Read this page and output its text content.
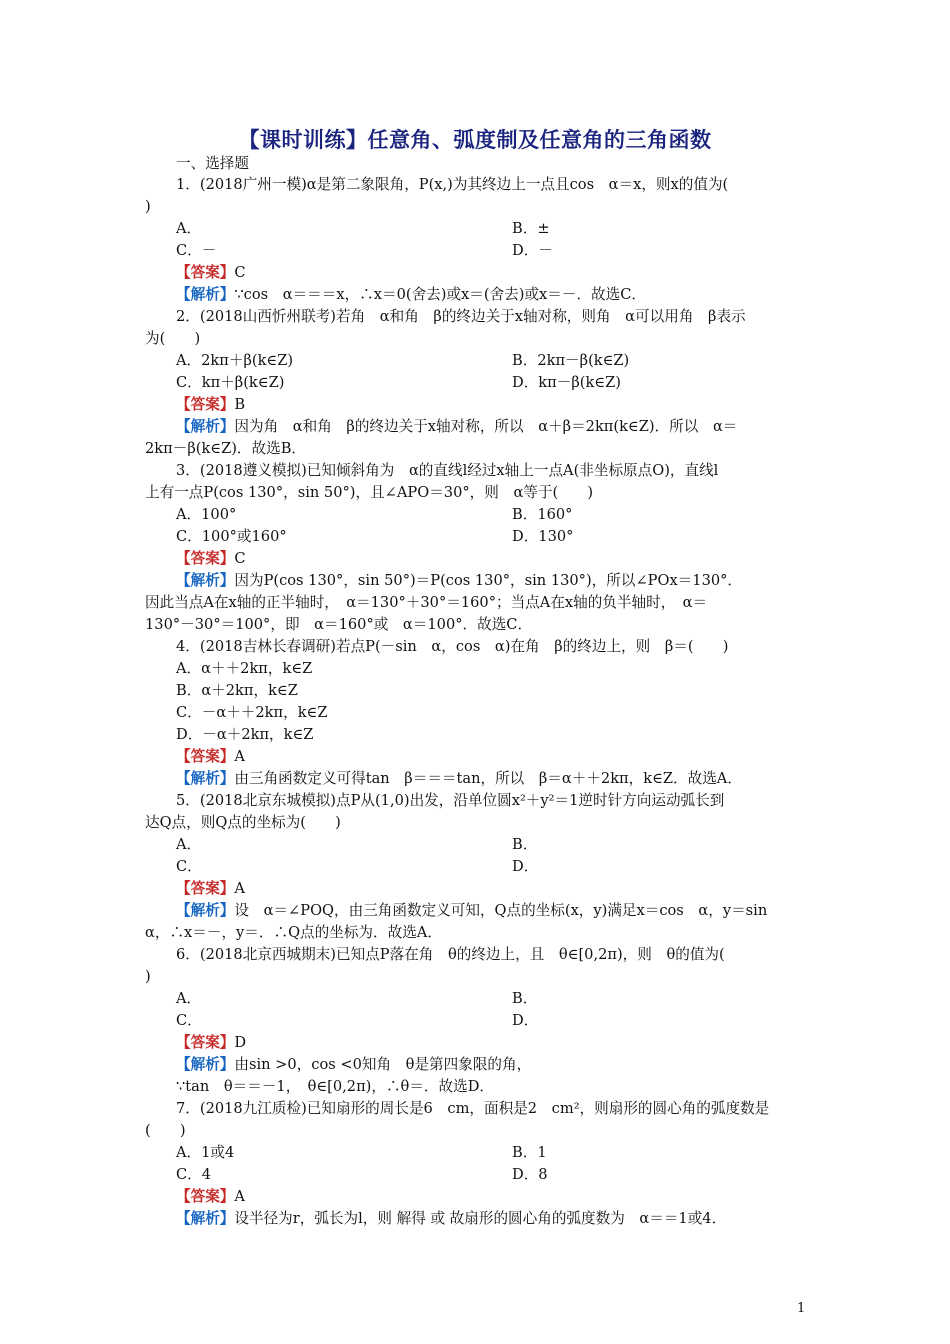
【课时训练】任意角、弧度制及任意角的三角函数
一、选择题
1．(2018广州一模)α是第二象限角，P(x,)为其终边上一点且cos　α＝x，则x的值为(
)
A．	B．±
C．－	D．－
【答案】C
【解析】∵cos　α＝＝＝x，∴x＝0(舍去)或x＝(舍去)或x＝－．故选C．
2．(2018山西忻州联考)若角　α和角　β的终边关于x轴对称，则角　α可以用角　β表示
为(　　)
A．2kπ＋β(k∈Z)	B．2kπ－β(k∈Z)
C．kπ＋β(k∈Z)	D．kπ－β(k∈Z)
【答案】B
【解析】因为角　α和角　β的终边关于x轴对称，所以　α＋β＝2kπ(k∈Z)．所以　α＝
2kπ－β(k∈Z)．故选B．
3．(2018遵义模拟)已知倾斜角为　α的直线l经过x轴上一点A(非坐标原点O)，直线l
上有一点P(cos 130°，sin 50°)，且∠APO＝30°，则　α等于(　　)
A．100°	B．160°
C．100°或160°	D．130°
【答案】C
【解析】因为P(cos 130°，sin 50°)＝P(cos 130°，sin 130°)，所以∠POx＝130°．
因此当点A在x轴的正半轴时，　α＝130°＋30°＝160°；当点A在x轴的负半轴时，　α＝
130°－30°＝100°，即　α＝160°或　α＝100°．故选C．
4．(2018吉林长春调研)若点P(－sin　α，cos　α)在角　β的终边上，则　β＝(　　)
A．α＋＋2kπ，k∈Z
B．α＋2kπ，k∈Z
C．－α＋＋2kπ，k∈Z
D．－α＋2kπ，k∈Z
【答案】A
【解析】由三角函数定义可得tan　β＝＝＝tan，所以　β＝α＋＋2kπ，k∈Z．故选A．
5．(2018北京东城模拟)点P从(1,0)出发，沿单位圆x²＋y²＝1逆时针方向运动弧长到
达Q点，则Q点的坐标为(　　)
A．	B．
C．	D．
【答案】A
【解析】设　α＝∠POQ，由三角函数定义可知，Q点的坐标(x，y)满足x＝cos　α，y＝sin
α，∴x＝－，y＝．∴Q点的坐标为．故选A．
6．(2018北京西城期末)已知点P落在角　θ的终边上，且　θ∈[0,2π)，则　θ的值为(
)
A．	B．
C．	D．
【答案】D
【解析】由sin >0，cos <0知角　θ是第四象限的角，
∵tan　θ＝＝－1，　θ∈[0,2π)，∴θ＝．故选D．
7．(2018九江质检)已知扇形的周长是6　cm，面积是2　cm²，则扇形的圆心角的弧度数是
(　　)
A．1或4	B．1
C．4	D．8
【答案】A
【解析】设半径为r，弧长为l，则 解得 或 故扇形的圆心角的弧度数为　α＝＝1或4．
1
